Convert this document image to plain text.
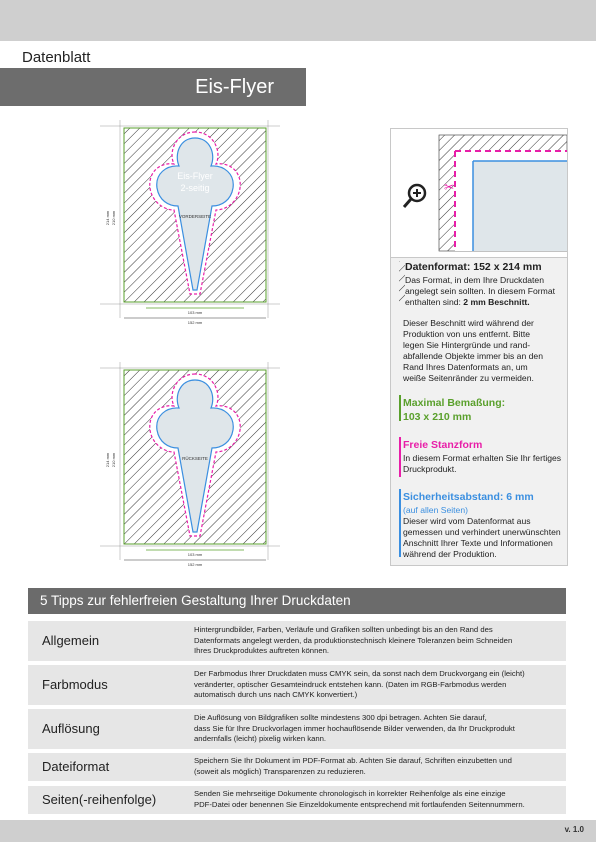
Datenblatt
Eis-Flyer
Eis-Flyer
2-seitig
VORDERSEITE
103 mm
152 mm
210 mm
214 mm
RÜCKSEITE
103 mm
152 mm
210 mm
214 mm
✂
Datenformat: 152 x 214 mm
Das Format, in dem Ihre Druckdaten
angelegt sein sollten. In diesem Format
enthalten sind: 2 mm Beschnitt.
Dieser Beschnitt wird während der
Produktion von uns entfernt. Bitte
legen Sie Hintergründe und rand-
abfallende Objekte immer bis an den
Rand Ihres Datenformats an, um
weiße Seitenränder zu vermeiden.
Maximal Bemaßung:
103 x 210 mm
Freie Stanzform
In diesem Format erhalten Sie Ihr fertiges
Druckprodukt.
Sicherheitsabstand: 6 mm
(auf allen Seiten)
Dieser wird vom Datenformat aus
gemessen und verhindert unerwünschten
Anschnitt Ihrer Texte und Informationen
während der Produktion.
5 Tipps zur fehlerfreien Gestaltung Ihrer Druckdaten
Allgemein
Hintergrundbilder, Farben, Verläufe und Grafiken sollten unbedingt bis an den Rand des
Datenformats angelegt werden, da produktionstechnisch kleinere Toleranzen beim Schneiden
Ihres Druckproduktes auftreten können.
Farbmodus
Der Farbmodus Ihrer Druckdaten muss CMYK sein, da sonst nach dem Druckvorgang ein (leicht)
veränderter, optischer Gesamteindruck entstehen kann. (Daten im RGB-Farbmodus werden
automatisch durch uns nach CMYK konvertiert.)
Auflösung
Die Auflösung von Bildgrafiken sollte mindestens 300 dpi betragen. Achten Sie darauf,
dass Sie für Ihre Druckvorlagen immer hochauflösende Bilder verwenden, da Ihr Druckprodukt
andernfalls (leicht) pixelig wirken kann.
Dateiformat	Speichern Sie Ihr Dokument im PDF-Format ab. Achten Sie darauf, Schriften einzubetten und
(soweit als möglich) Transparenzen zu reduzieren.
Seiten(-reihenfolge)	Senden Sie mehrseitige Dokumente chronologisch in korrekter Reihenfolge als eine einzige
PDF-Datei oder benennen Sie Einzeldokumente entsprechend mit fortlaufenden Seitennummern.
v. 1.0
